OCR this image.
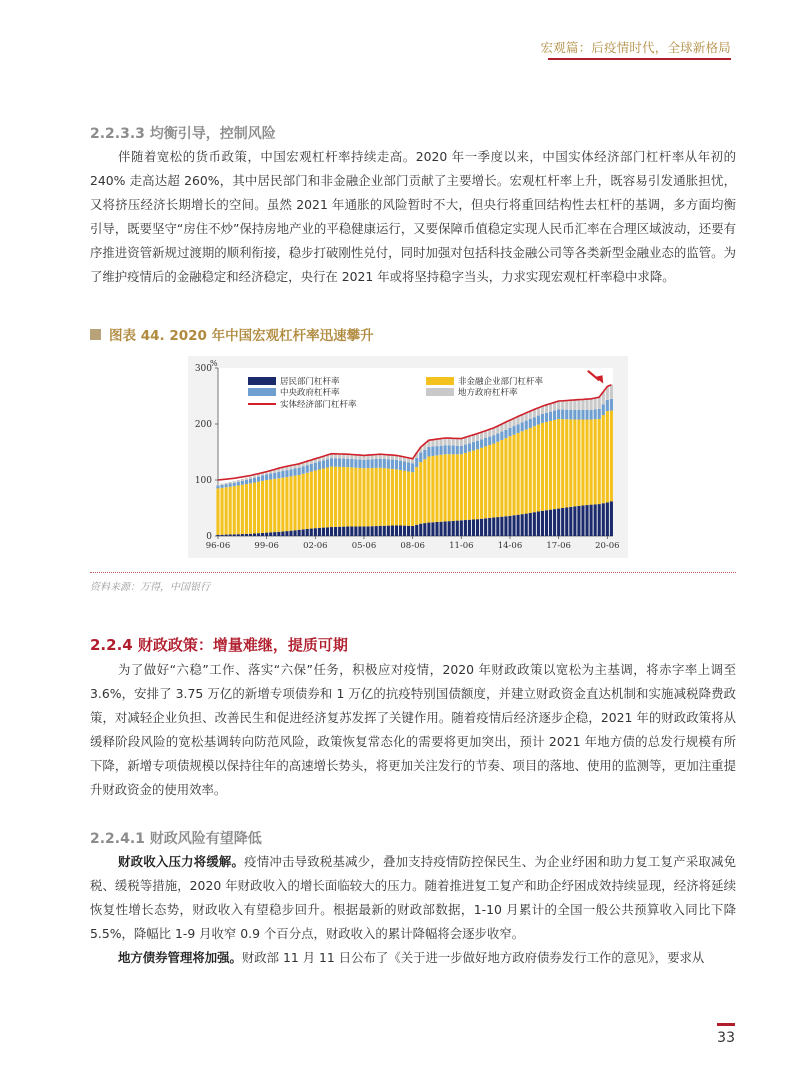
宏观篇：后疫情时代，全球新格局
2.2.3.3 均衡引导，控制风险

伴随着宽松的货币政策，中国宏观杠杆率持续走高。2020 年一季度以来，中国实体经济部门杠杆率从年初的 240% 走高达超 260%，其中居民部门和非金融企业部门贡献了主要增长。宏观杠杆率上升，既容易引发通胀担忧，又将挤压经济长期增长的空间。虽然 2021 年通胀的风险暂时不大，但央行将重回结构性去杠杆的基调，多方面均衡引导，既要坚守“房住不炒”保持房地产业的平稳健康运行，又要保障币值稳定实现人民币汇率在合理区域波动，还要有序推进资管新规过渡期的顺利衔接，稳步打破刚性兑付，同时加强对包括科技金融公司等各类新型金融业态的监管。为了维护疫情后的金融稳定和经济稳定，央行在 2021 年或将坚持稳字当头，力求实现宏观杠杆率稳中求降。

图表 44. 2020 年中国宏观杠杆率迅速攀升
0
100
200
300
%
96-06	99-06	02-06	05-06	08-06	11-06	14-06	17-06	20-06
居民部门杠杆率
中央政府杠杆率
非金融企业部门杠杆率
地方政府杠杆率
实体经济部门杠杆率
资料来源：万得，中国银行
2.2.4 财政政策：增量难继，提质可期

为了做好“六稳”工作、落实“六保”任务，积极应对疫情，2020 年财政政策以宽松为主基调，将赤字率上调至 3.6%，安排了 3.75 万亿的新增专项债券和 1 万亿的抗疫特别国债额度，并建立财政资金直达机制和实施减税降费政策，对减轻企业负担、改善民生和促进经济复苏发挥了关键作用。随着疫情后经济逐步企稳，2021 年的财政政策将从缓释阶段风险的宽松基调转向防范风险，政策恢复常态化的需要将更加突出，预计 2021 年地方债的总发行规模有所下降，新增专项债规模以保持往年的高速增长势头，将更加关注发行的节奏、项目的落地、使用的监测等，更加注重提升财政资金的使用效率。

2.2.4.1 财政风险有望降低

财政收入压力将缓解。疫情冲击导致税基减少，叠加支持疫情防控保民生、为企业纾困和助力复工复产采取减免税、缓税等措施，2020 年财政收入的增长面临较大的压力。随着推进复工复产和助企纾困成效持续显现，经济将延续恢复性增长态势，财政收入有望稳步回升。根据最新的财政部数据，1-10 月累计的全国一般公共预算收入同比下降 5.5%，降幅比 1-9 月收窄 0.9 个百分点，财政收入的累计降幅将会逐步收窄。

地方债券管理将加强。财政部 11 月 11 日公布了《关于进一步做好地方政府债券发行工作的意见》，要求从

33
